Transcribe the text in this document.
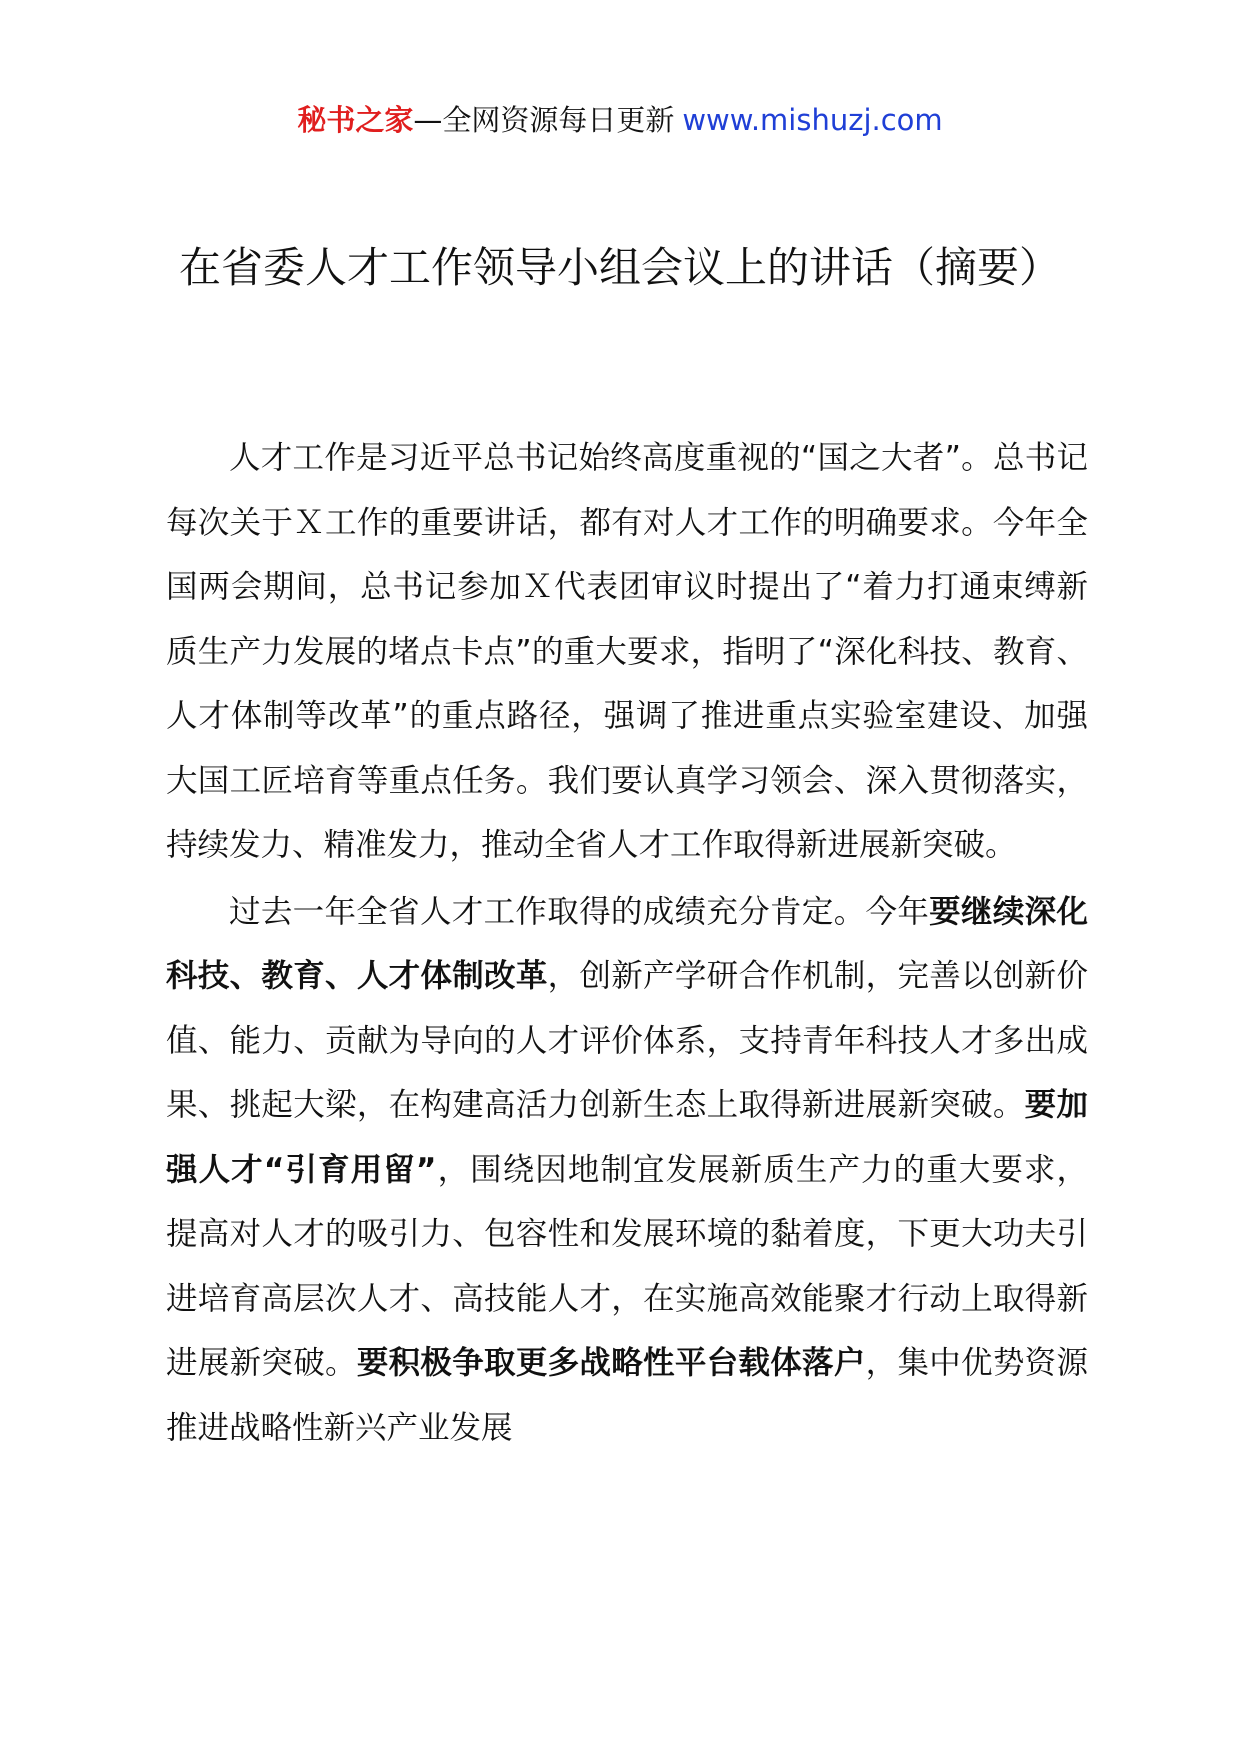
秘书之家—全网资源每日更新 www.mishuzj.com
在省委人才工作领导小组会议上的讲话（摘要）

人才工作是习近平总书记始终高度重视的“国之大者”。总书记每次关于Ｘ工作的重要讲话，都有对人才工作的明确要求。今年全国两会期间，总书记参加Ｘ代表团审议时提出了“着力打通束缚新质生产力发展的堵点卡点”的重大要求，指明了“深化科技、教育、人才体制等改革”的重点路径，强调了推进重点实验室建设、加强大国工匠培育等重点任务。我们要认真学习领会、深入贯彻落实，持续发力、精准发力，推动全省人才工作取得新进展新突破。

过去一年全省人才工作取得的成绩充分肯定。今年要继续深化科技、教育、人才体制改革，创新产学研合作机制，完善以创新价值、能力、贡献为导向的人才评价体系，支持青年科技人才多出成果、挑起大梁，在构建高活力创新生态上取得新进展新突破。要加强人才“引育用留”，围绕因地制宜发展新质生产力的重大要求，提高对人才的吸引力、包容性和发展环境的黏着度，下更大功夫引进培育高层次人才、高技能人才，在实施高效能聚才行动上取得新进展新突破。要积极争取更多战略性平台载体落户，集中优势资源推进战略性新兴产业发展
